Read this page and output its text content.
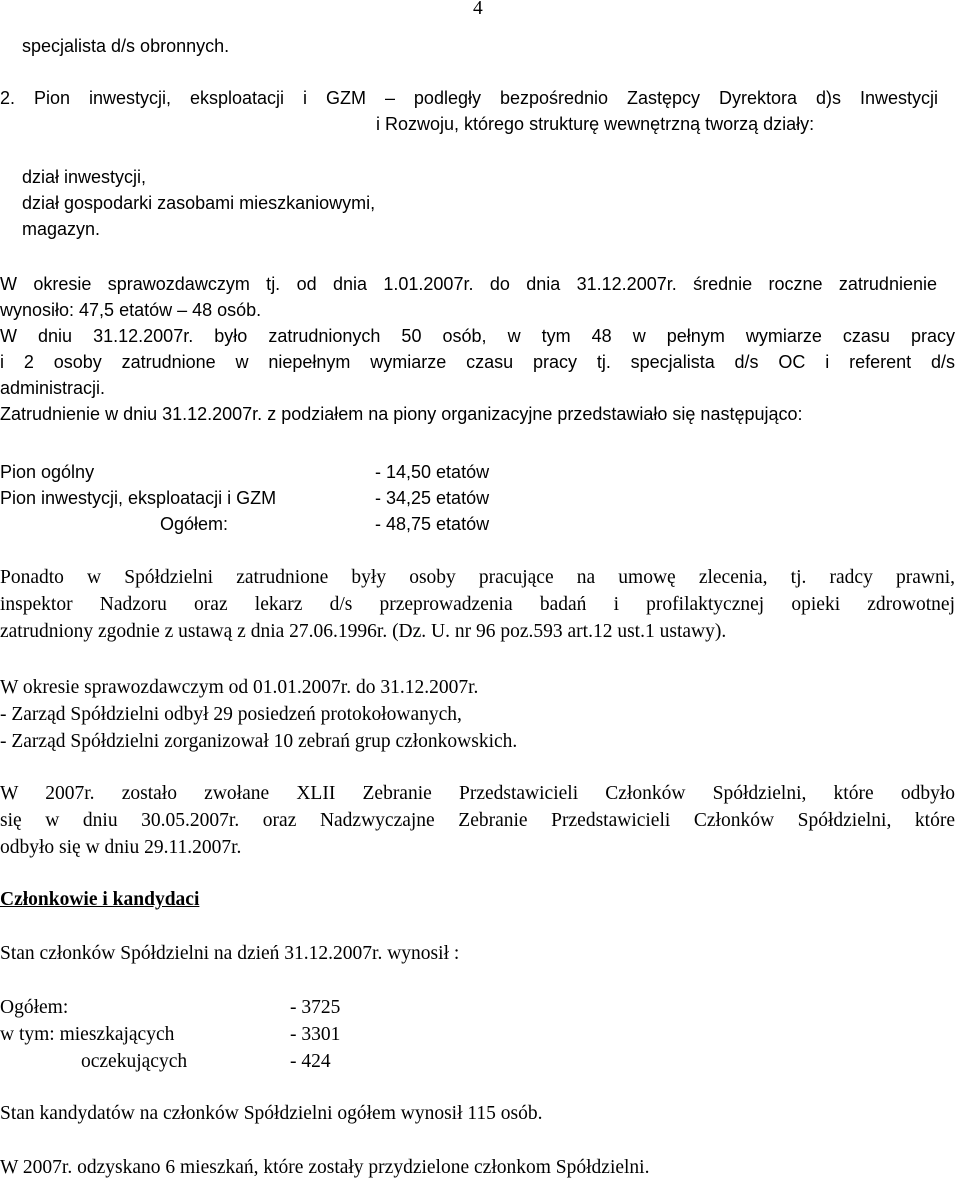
4
specjalista d/s obronnych.
2. Pion inwestycji, eksploatacji i GZM – podległy bezpośrednio Zastępcy Dyrektora d)s Inwestycji
i Rozwoju, którego strukturę wewnętrzną tworzą działy:
dział inwestycji,
dział gospodarki zasobami mieszkaniowymi,
magazyn.
W okresie sprawozdawczym tj. od dnia 1.01.2007r. do dnia 31.12.2007r. średnie roczne zatrudnienie
wynosiło: 47,5 etatów – 48 osób.
W dniu 31.12.2007r. było zatrudnionych 50 osób, w tym 48 w pełnym wymiarze czasu pracy
i 2 osoby zatrudnione w niepełnym wymiarze czasu pracy tj. specjalista d/s OC i referent d/s
administracji.
Zatrudnienie w dniu 31.12.2007r. z podziałem na piony organizacyjne przedstawiało się następująco:
Pion ogólny	- 14,50 etatów
Pion inwestycji, eksploatacji i GZM	- 34,25 etatów
Ogółem:	- 48,75 etatów
Ponadto w Spółdzielni zatrudnione były osoby pracujące na umowę zlecenia, tj. radcy prawni,
inspektor Nadzoru oraz lekarz d/s przeprowadzenia badań i profilaktycznej opieki zdrowotnej
zatrudniony zgodnie z ustawą z dnia 27.06.1996r. (Dz. U. nr 96 poz.593 art.12 ust.1 ustawy).
W okresie sprawozdawczym od 01.01.2007r. do 31.12.2007r.
- Zarząd Spółdzielni odbył 29 posiedzeń protokołowanych,
- Zarząd Spółdzielni zorganizował 10 zebrań grup członkowskich.
W 2007r. zostało zwołane XLII Zebranie Przedstawicieli Członków Spółdzielni, które odbyło
się w dniu 30.05.2007r. oraz Nadzwyczajne Zebranie Przedstawicieli Członków Spółdzielni, które
odbyło się w dniu 29.11.2007r.
Członkowie i kandydaci
Stan członków Spółdzielni na dzień 31.12.2007r. wynosił :
Ogółem:	- 3725
w tym: mieszkających	- 3301
oczekujących	- 424
Stan kandydatów na członków Spółdzielni ogółem wynosił 115 osób.
W 2007r. odzyskano 6 mieszkań, które zostały przydzielone członkom Spółdzielni.
